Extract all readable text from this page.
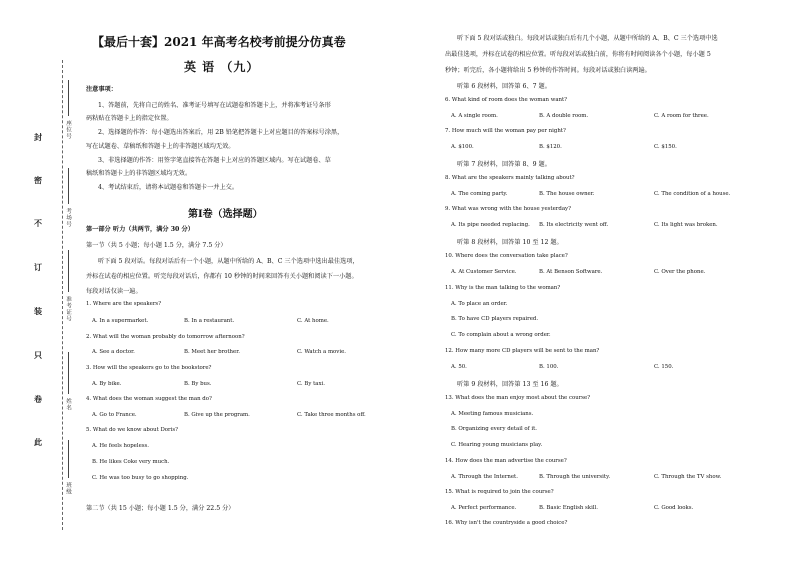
封
密
不
订
装
只
卷
此
座位号
考场号
准考证号
姓名
班级
【最后十套】2021 年高考名校考前提分仿真卷
英 语 （九）
注意事项：
1、答题前，先将自己的姓名、准考证号填写在试题卷和答题卡上，并将准考证号条形
码粘贴在答题卡上的指定位置。
2、选择题的作答：每小题选出答案后，用 2B 铅笔把答题卡上对应题目的答案标号涂黑，
写在试题卷、草稿纸和答题卡上的非答题区域均无效。
3、非选择题的作答：用签字笔直接答在答题卡上对应的答题区域内。写在试题卷、草
稿纸和答题卡上的非答题区域均无效。
4、考试结束后，请将本试题卷和答题卡一并上交。
第Ⅰ卷（选择题）
第一部分 听力（共两节，满分 30 分）
第一节（共 5 小题；每小题 1.5 分，满分 7.5 分）
听下面 5 段对话。每段对话后有一个小题，从题中所给的 A、B、C 三个选项中选出最佳选项，
并标在试卷的相应位置。听完每段对话后，你都有 10 秒钟的时间来回答有关小题和阅读下一小题。
每段对话仅读一遍。
1. Where are the speakers?
A. In a supermarket.	B. In a restaurant.	C. At home.
2. What will the woman probably do tomorrow afternoon?
A. See a doctor.	B. Meet her brother.	C. Watch a movie.
3. How will the speakers go to the bookstore?
A. By bike.	B. By bus.	C. By taxi.
4. What does the woman suggest the man do?
A. Go to France.	B. Give up the program.	C. Take three months off.
5. What do we know about Doris?
A. He feels hopeless.
B. He likes Coke very much.
C. He was too busy to go shopping.
第二节（共 15 小题；每小题 1.5 分，满分 22.5 分）
听下面 5 段对话或独白。每段对话或独白后有几个小题，从题中所给的 A、B、C 三个选项中选
出最佳选项，并标在试卷的相应位置。听每段对话或独白前，你将有时间阅读各个小题，每小题 5
秒钟；听完后，各小题将给出 5 秒钟的作答时间。每段对话或独白读两遍。
听第 6 段材料，回答第 6、7 题。
6. What kind of room does the woman want?
A. A single room.	B. A double room.	C. A room for three.
7. How much will the woman pay per night?
A. $100.	B. $120.	C. $150.
听第 7 段材料，回答第 8、9 题。
8. What are the speakers mainly talking about?
A. The coming party.	B. The house owner.	C. The condition of a house.
9. What was wrong with the house yesterday?
A. Its pipe needed replacing. B. Its electricity went off.	C. Its light was broken.
听第 8 段材料，回答第 10 至 12 题。
10. Where does the conversation take place?
A. At Customer Service.	B. At Benson Software.	C. Over the phone.
11. Why is the man talking to the woman?
A. To place an order.
B. To have CD players repaired.
C. To complain about a wrong order.
12. How many more CD players will be sent to the man?
A. 50.	B. 100.	C. 150.
听第 9 段材料，回答第 13 至 16 题。
13. What does the man enjoy most about the course?
A. Meeting famous musicians.
B. Organizing every detail of it.
C. Hearing young musicians play.
14. How does the man advertise the course?
A. Through the Internet.	B. Through the university.	C. Through the TV show.
15. What is required to join the course?
A. Perfect performance.	B. Basic English skill.	C. Good looks.
16. Why isn't the countryside a good choice?
